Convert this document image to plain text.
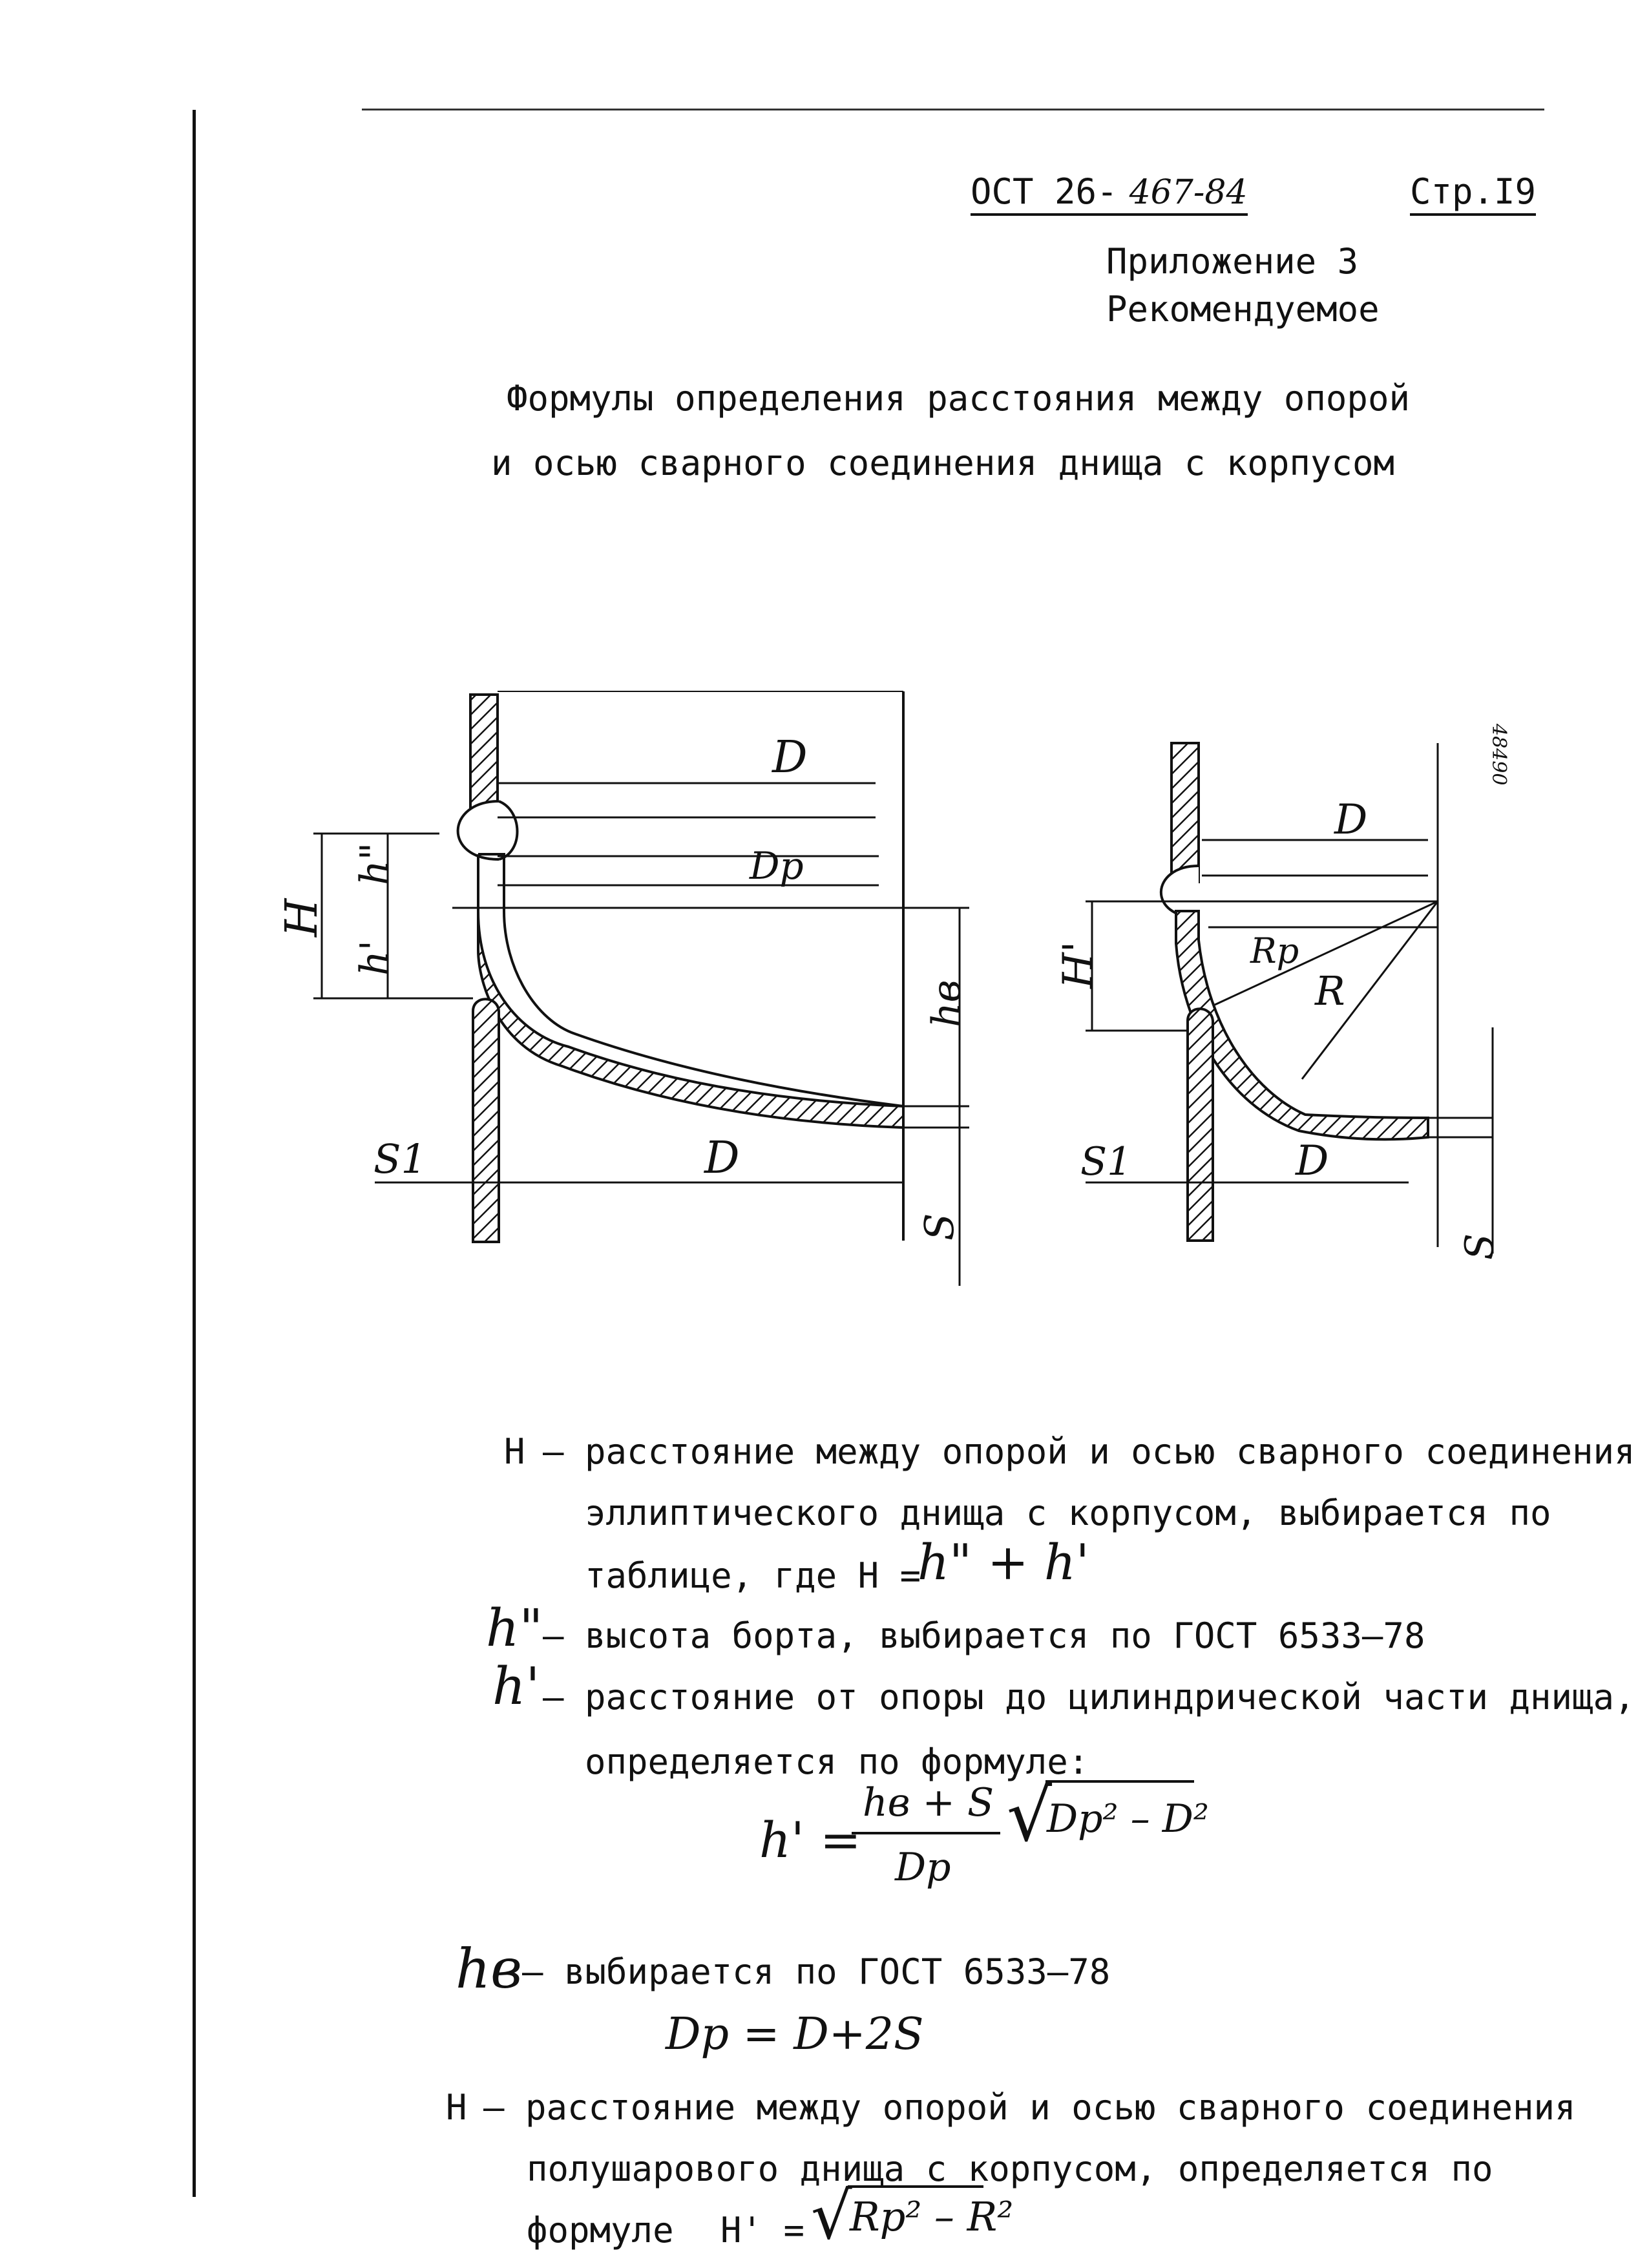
ОСТ 26- 467-84	Стр.I9
Приложение 3
Рекомендуемое
Формулы определения расстояния между опорой
и осью сварного соединения днища с корпусом
D
Dp
H
h"
h'
hв
S1	D
S
D
H'	Rp
R
S1	D
S
48490
H – расстояние между опорой и осью сварного соединения
эллиптического днища с корпусом, выбирается по
таблице, где H =
h" + h'
h" – высота борта, выбирается по ГОСТ 6533–78
h' – расстояние от опоры до цилиндрической части днища,
определяется по формуле:
h' =
hв + S
Dp
√
Dp² – D²
hв – выбирается по ГОСТ 6533–78
Dp = D+2S
H – расстояние между опорой и осью сварного соединения
полушарового днища с корпусом, определяется по
формуле H' = √
Rp² – R²
